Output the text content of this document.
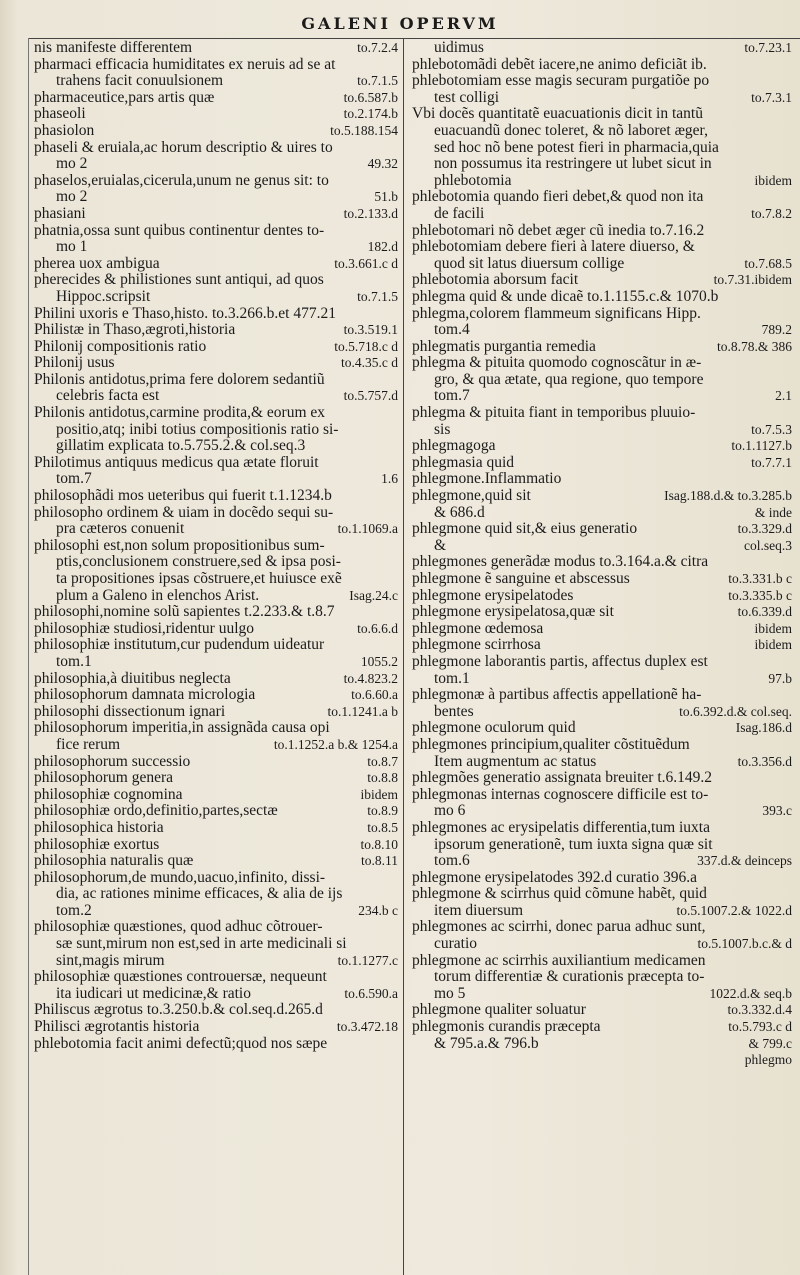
GALENI OPERVM
to.7.2.4
nis manifeste differentem
pharmaci efficacia humiditates ex neruis ad se at
to.7.1.5
trahens facit conuulsionem
to.6.587.b
pharmaceutice,pars artis quæ
to.2.174.b
phaseoli
to.5.188.154
phasiolon
phaseli & eruiala,ac horum descriptio & uires to
49.32
mo 2
phaselos,eruialas,cicerula,unum ne genus sit: to
51.b
mo 2
to.2.133.d
phasiani
phatnia,ossa sunt quibus continentur dentes to-
182.d
mo 1
to.3.661.c d
pherea uox ambigua
pherecides & philistiones sunt antiqui, ad quos
to.7.1.5
Hippoc.scripsit
Philini uxoris e Thaso,histo. to.3.266.b.et 477.21
to.3.519.1
Philistæ in Thaso,ægroti,historia
to.5.718.c d
Philonij compositionis ratio
to.4.35.c d
Philonij usus
Philonis antidotus,prima fere dolorem sedantiũ
to.5.757.d
celebris facta est
Philonis antidotus,carmine prodita,& eorum ex
positio,atq; inibi totius compositionis ratio si-
gillatim explicata to.5.755.2.& col.seq.3
Philotimus antiquus medicus qua ætate floruit
1.6
tom.7
philosophãdi mos ueteribus qui fuerit t.1.1234.b
philosopho ordinem & uiam in docẽdo sequi su-
to.1.1069.a
pra cæteros conuenit
philosophi est,non solum propositionibus sum-
ptis,conclusionem construere,sed & ipsa posi-
ta propositiones ipsas cõstruere,et huiusce exẽ
Isag.24.c
plum a Galeno in elenchos Arist.
philosophi,nomine solũ sapientes t.2.233.& t.8.7
to.6.6.d
philosophiæ studiosi,ridentur uulgo
philosophiæ institutum,cur pudendum uideatur
1055.2
tom.1
to.4.823.2
philosophia,à diuitibus neglecta
to.6.60.a
philosophorum damnata micrologia
to.1.1241.a b
philosophi dissectionum ignari
philosophorum imperitia,in assignãda causa opi
to.1.1252.a b.& 1254.a
fice rerum
to.8.7
philosophorum successio
to.8.8
philosophorum genera
ibidem
philosophiæ cognomina
to.8.9
philosophiæ ordo,definitio,partes,sectæ
to.8.5
philosophica historia
to.8.10
philosophiæ exortus
to.8.11
philosophia naturalis quæ
philosophorum,de mundo,uacuo,infinito, dissi-
dia, ac rationes minime efficaces, & alia de ijs
234.b c
tom.2
philosophiæ quæstiones, quod adhuc cõtrouer-
sæ sunt,mirum non est,sed in arte medicinali si
to.1.1277.c
sint,magis mirum
philosophiæ quæstiones controuersæ, nequeunt
to.6.590.a
ita iudicari ut medicinæ,& ratio
Philiscus ægrotus to.3.250.b.& col.seq.d.265.d
to.3.472.18
Philisci ægrotantis historia
phlebotomia facit animi defectũ;quod nos sæpe
to.7.23.1
uidimus
phlebotomãdi debẽt iacere,ne animo deficiãt ib.
phlebotomiam esse magis securam purgatiõe po
to.7.3.1
test colligi
Vbi docẽs quantitatẽ euacuationis dicit in tantũ
euacuandũ donec toleret, & nõ laboret æger,
sed hoc nõ bene potest fieri in pharmacia,quia
non possumus ita restringere ut lubet sicut in
ibidem
phlebotomia
phlebotomia quando fieri debet,& quod non ita
to.7.8.2
de facili
phlebotomari nõ debet æger cũ inedia to.7.16.2
phlebotomiam debere fieri à latere diuerso, &
to.7.68.5
quod sit latus diuersum collige
to.7.31.ibidem
phlebotomia aborsum facit
phlegma quid & unde dicaẽ to.1.1155.c.& 1070.b
phlegma,colorem flammeum significans Hipp.
789.2
tom.4
to.8.78.& 386
phlegmatis purgantia remedia
phlegma & pituita quomodo cognoscãtur in æ-
gro, & qua ætate, qua regione, quo tempore
2.1
tom.7
phlegma & pituita fiant in temporibus pluuio-
to.7.5.3
sis
to.1.1127.b
phlegmagoga
to.7.7.1
phlegmasia quid
phlegmone.Inflammatio
Isag.188.d.& to.3.285.b
phlegmone,quid sit
& inde
& 686.d
to.3.329.d
phlegmone quid sit,& eius generatio
col.seq.3
&
phlegmones generãdæ modus to.3.164.a.& citra
to.3.331.b c
phlegmone ẽ sanguine et abscessus
to.3.335.b c
phlegmone erysipelatodes
to.6.339.d
phlegmone erysipelatosa,quæ sit
ibidem
phlegmone œdemosa
ibidem
phlegmone scirrhosa
phlegmone laborantis partis, affectus duplex est
97.b
tom.1
phlegmonæ à partibus affectis appellationẽ ha-
to.6.392.d.& col.seq.
bentes
Isag.186.d
phlegmone oculorum quid
phlegmones principium,qualiter cõstituẽdum
to.3.356.d
Item augmentum ac status
phlegmões generatio assignata breuiter t.6.149.2
phlegmonas internas cognoscere difficile est to-
393.c
mo 6
phlegmones ac erysipelatis differentia,tum iuxta
ipsorum generationẽ, tum iuxta signa quæ sit
337.d.& deinceps
tom.6
phlegmone erysipelatodes 392.d curatio 396.a
phlegmone & scirrhus quid cõmune habẽt, quid
to.5.1007.2.& 1022.d
item diuersum
phlegmones ac scirrhi, donec parua adhuc sunt,
to.5.1007.b.c.& d
curatio
phlegmone ac scirrhis auxiliantium medicamen
torum differentiæ & curationis præcepta to-
1022.d.& seq.b
mo 5
to.3.332.d.4
phlegmone qualiter soluatur
to.5.793.c d
phlegmonis curandis præcepta
& 799.c
& 795.a.& 796.b
phlegmo
